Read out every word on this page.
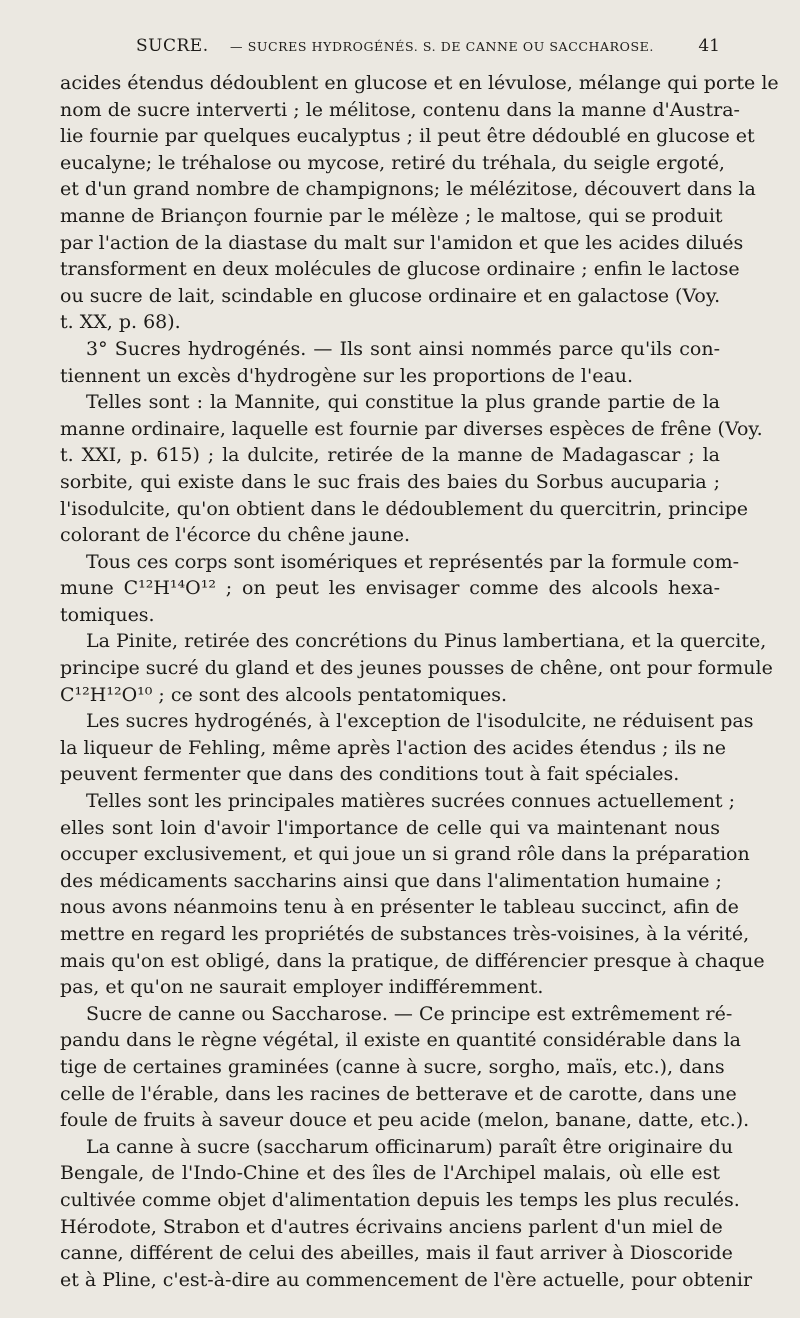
SUCRE. — SUCRES HYDROGÉNÉS. S. DE CANNE OU SACCHAROSE.	41
acides étendus dédoublent en glucose et en lévulose, mélange qui porte le
nom de sucre interverti ; le mélitose, contenu dans la manne d'Austra-
lie fournie par quelques eucalyptus ; il peut être dédoublé en glucose et
eucalyne; le tréhalose ou mycose, retiré du tréhala, du seigle ergoté,
et d'un grand nombre de champignons; le mélézitose, découvert dans la
manne de Briançon fournie par le mélèze ; le maltose, qui se produit
par l'action de la diastase du malt sur l'amidon et que les acides dilués
transforment en deux molécules de glucose ordinaire ; enfin le lactose
ou sucre de lait, scindable en glucose ordinaire et en galactose (Voy.
t. XX, p. 68).
3° Sucres hydrogénés. — Ils sont ainsi nommés parce qu'ils con-
tiennent un excès d'hydrogène sur les proportions de l'eau.
Telles sont : la Mannite, qui constitue la plus grande partie de la
manne ordinaire, laquelle est fournie par diverses espèces de frêne (Voy.
t. XXI, p. 615) ; la dulcite, retirée de la manne de Madagascar ; la
sorbite, qui existe dans le suc frais des baies du Sorbus aucuparia ;
l'isodulcite, qu'on obtient dans le dédoublement du quercitrin, principe
colorant de l'écorce du chêne jaune.
Tous ces corps sont isomériques et représentés par la formule com-
mune C¹²H¹⁴O¹² ; on peut les envisager comme des alcools hexa-
tomiques.
La Pinite, retirée des concrétions du Pinus lambertiana, et la quercite,
principe sucré du gland et des jeunes pousses de chêne, ont pour formule
C¹²H¹²O¹⁰ ; ce sont des alcools pentatomiques.
Les sucres hydrogénés, à l'exception de l'isodulcite, ne réduisent pas
la liqueur de Fehling, même après l'action des acides étendus ; ils ne
peuvent fermenter que dans des conditions tout à fait spéciales.
Telles sont les principales matières sucrées connues actuellement ;
elles sont loin d'avoir l'importance de celle qui va maintenant nous
occuper exclusivement, et qui joue un si grand rôle dans la préparation
des médicaments saccharins ainsi que dans l'alimentation humaine ;
nous avons néanmoins tenu à en présenter le tableau succinct, afin de
mettre en regard les propriétés de substances très-voisines, à la vérité,
mais qu'on est obligé, dans la pratique, de différencier presque à chaque
pas, et qu'on ne saurait employer indifféremment.
Sucre de canne ou Saccharose. — Ce principe est extrêmement ré-
pandu dans le règne végétal, il existe en quantité considérable dans la
tige de certaines graminées (canne à sucre, sorgho, maïs, etc.), dans
celle de l'érable, dans les racines de betterave et de carotte, dans une
foule de fruits à saveur douce et peu acide (melon, banane, datte, etc.).
La canne à sucre (saccharum officinarum) paraît être originaire du
Bengale, de l'Indo-Chine et des îles de l'Archipel malais, où elle est
cultivée comme objet d'alimentation depuis les temps les plus reculés.
Hérodote, Strabon et d'autres écrivains anciens parlent d'un miel de
canne, différent de celui des abeilles, mais il faut arriver à Dioscoride
et à Pline, c'est-à-dire au commencement de l'ère actuelle, pour obtenir
